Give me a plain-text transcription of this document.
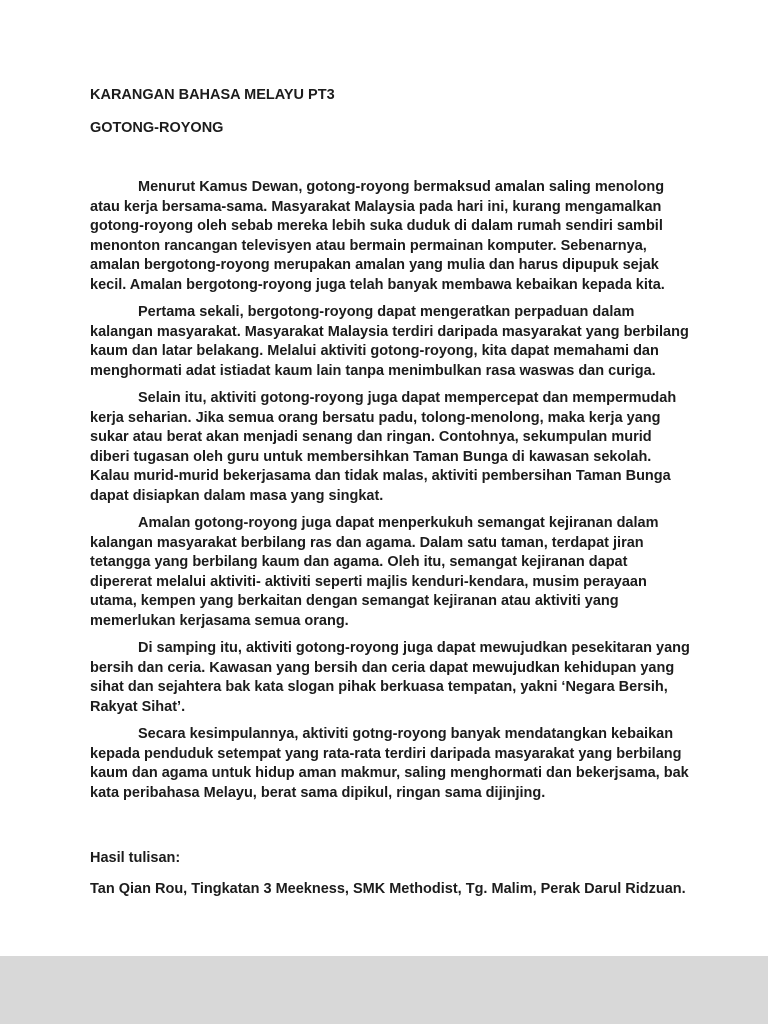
KARANGAN BAHASA MELAYU PT3
GOTONG-ROYONG

Menurut Kamus Dewan, gotong-royong bermaksud amalan saling menolong atau kerja bersama-sama. Masyarakat Malaysia pada hari ini, kurang mengamalkan gotong-royong oleh sebab mereka lebih suka duduk di dalam rumah sendiri sambil menonton rancangan televisyen atau bermain permainan komputer. Sebenarnya, amalan bergotong-royong merupakan amalan yang mulia dan harus dipupuk sejak kecil. Amalan bergotong-royong juga telah banyak membawa kebaikan kepada kita.

Pertama sekali, bergotong-royong dapat mengeratkan perpaduan dalam kalangan masyarakat. Masyarakat Malaysia terdiri daripada masyarakat yang berbilang kaum dan latar belakang. Melalui aktiviti gotong-royong, kita dapat memahami dan menghormati adat istiadat kaum lain tanpa menimbulkan rasa waswas dan curiga.

Selain itu, aktiviti gotong-royong juga dapat mempercepat dan mempermudah kerja seharian. Jika semua orang bersatu padu, tolong-menolong, maka kerja yang sukar atau berat akan menjadi senang dan ringan. Contohnya, sekumpulan murid diberi tugasan oleh guru untuk membersihkan Taman Bunga di kawasan sekolah. Kalau murid-murid bekerjasama dan tidak malas, aktiviti pembersihan Taman Bunga dapat disiapkan dalam masa yang singkat.

Amalan gotong-royong juga dapat menperkukuh semangat kejiranan dalam kalangan masyarakat berbilang ras dan agama. Dalam satu taman, terdapat jiran tetangga yang berbilang kaum dan agama. Oleh itu, semangat kejiranan dapat dipererat melalui aktiviti- aktiviti seperti majlis kenduri-kendara, musim perayaan utama, kempen yang berkaitan dengan semangat kejiranan atau aktiviti yang memerlukan kerjasama semua orang.

Di samping itu, aktiviti gotong-royong juga dapat mewujudkan pesekitaran yang bersih dan ceria. Kawasan yang bersih dan ceria dapat mewujudkan kehidupan yang sihat dan sejahtera bak kata slogan pihak berkuasa tempatan, yakni ‘Negara Bersih, Rakyat Sihat’.

Secara kesimpulannya, aktiviti gotng-royong banyak mendatangkan kebaikan kepada penduduk setempat yang rata-rata terdiri daripada masyarakat yang berbilang kaum dan agama untuk hidup aman makmur, saling menghormati dan bekerjsama, bak kata peribahasa Melayu, berat sama dipikul, ringan sama dijinjing.

Hasil tulisan:

Tan Qian Rou, Tingkatan 3 Meekness, SMK Methodist, Tg. Malim, Perak Darul Ridzuan.
